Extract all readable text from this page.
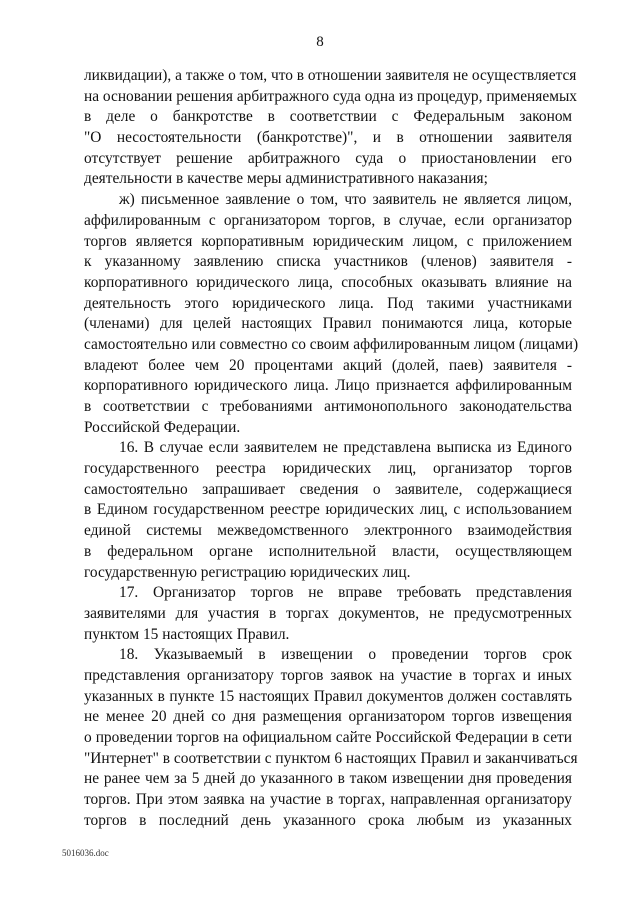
8
ликвидации), а также о том, что в отношении заявителя не осуществляется
на основании решения арбитражного суда одна из процедур, применяемых
в деле о банкротстве в соответствии с Федеральным законом
"О несостоятельности (банкротстве)", и в отношении заявителя
отсутствует решение арбитражного суда о приостановлении его
деятельности в качестве меры административного наказания;
ж) письменное заявление о том, что заявитель не является лицом,
аффилированным с организатором торгов, в случае, если организатор
торгов является корпоративным юридическим лицом, с приложением
к указанному заявлению списка участников (членов) заявителя -
корпоративного юридического лица, способных оказывать влияние на
деятельность этого юридического лица. Под такими участниками
(членами) для целей настоящих Правил понимаются лица, которые
самостоятельно или совместно со своим аффилированным лицом (лицами)
владеют более чем 20 процентами акций (долей, паев) заявителя -
корпоративного юридического лица. Лицо признается аффилированным
в соответствии с требованиями антимонопольного законодательства
Российской Федерации.
16. В случае если заявителем не представлена выписка из Единого
государственного реестра юридических лиц, организатор торгов
самостоятельно запрашивает сведения о заявителе, содержащиеся
в Едином государственном реестре юридических лиц, с использованием
единой системы межведомственного электронного взаимодействия
в федеральном органе исполнительной власти, осуществляющем
государственную регистрацию юридических лиц.
17. Организатор торгов не вправе требовать представления
заявителями для участия в торгах документов, не предусмотренных
пунктом 15 настоящих Правил.
18. Указываемый в извещении о проведении торгов срок
представления организатору торгов заявок на участие в торгах и иных
указанных в пункте 15 настоящих Правил документов должен составлять
не менее 20 дней со дня размещения организатором торгов извещения
о проведении торгов на официальном сайте Российской Федерации в сети
"Интернет" в соответствии с пунктом 6 настоящих Правил и заканчиваться
не ранее чем за 5 дней до указанного в таком извещении дня проведения
торгов. При этом заявка на участие в торгах, направленная организатору
торгов в последний день указанного срока любым из указанных
5016036.doc
